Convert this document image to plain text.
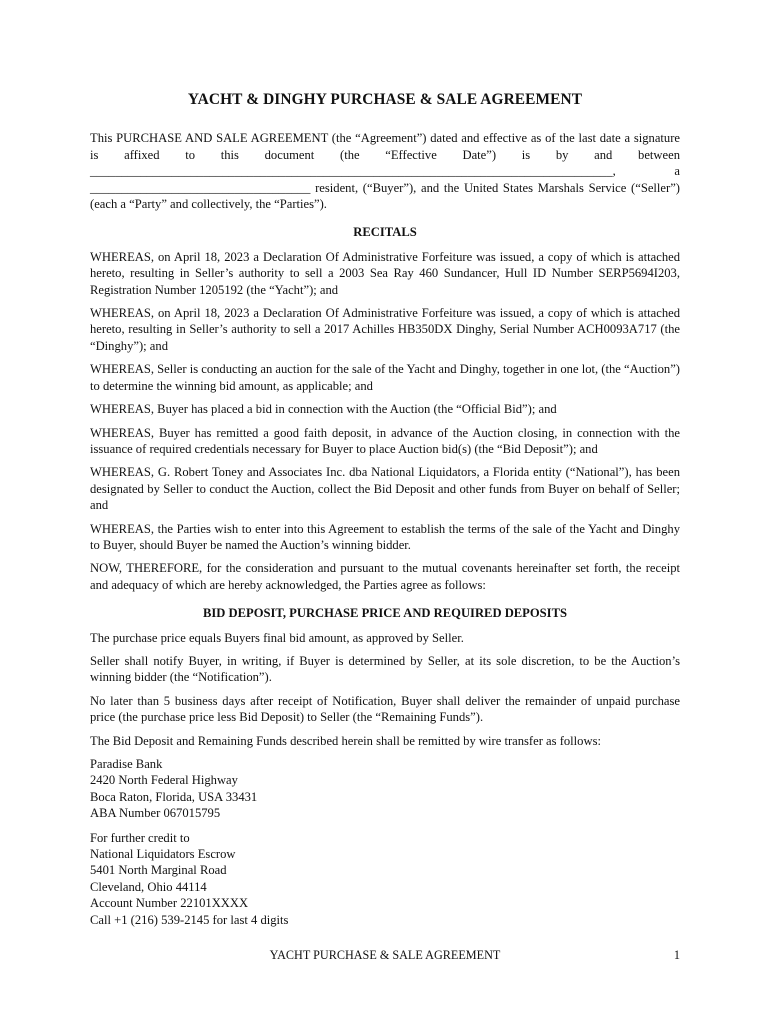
YACHT & DINGHY PURCHASE & SALE AGREEMENT

This PURCHASE AND SALE AGREEMENT (the “Agreement”) dated and effective as of the last date a signature is affixed to this document (the “Effective Date”) is by and between ___________________________________________________________________________________, a ___________________________________ resident, (“Buyer”), and the United States Marshals Service (“Seller”) (each a “Party” and collectively, the “Parties”).

RECITALS

WHEREAS, on April 18, 2023 a Declaration Of Administrative Forfeiture was issued, a copy of which is attached hereto, resulting in Seller’s authority to sell a 2003 Sea Ray 460 Sundancer, Hull ID Number SERP5694I203, Registration Number 1205192 (the “Yacht”); and

WHEREAS, on April 18, 2023 a Declaration Of Administrative Forfeiture was issued, a copy of which is attached hereto, resulting in Seller’s authority to sell a 2017 Achilles HB350DX Dinghy, Serial Number ACH0093A717 (the “Dinghy”); and

WHEREAS, Seller is conducting an auction for the sale of the Yacht and Dinghy, together in one lot, (the “Auction”) to determine the winning bid amount, as applicable; and

WHEREAS, Buyer has placed a bid in connection with the Auction (the “Official Bid”); and

WHEREAS, Buyer has remitted a good faith deposit, in advance of the Auction closing, in connection with the issuance of required credentials necessary for Buyer to place Auction bid(s) (the “Bid Deposit”); and

WHEREAS, G. Robert Toney and Associates Inc. dba National Liquidators, a Florida entity (“National”), has been designated by Seller to conduct the Auction, collect the Bid Deposit and other funds from Buyer on behalf of Seller; and

WHEREAS, the Parties wish to enter into this Agreement to establish the terms of the sale of the Yacht and Dinghy to Buyer, should Buyer be named the Auction’s winning bidder.

NOW, THEREFORE, for the consideration and pursuant to the mutual covenants hereinafter set forth, the receipt and adequacy of which are hereby acknowledged, the Parties agree as follows:

BID DEPOSIT, PURCHASE PRICE AND REQUIRED DEPOSITS

The purchase price equals Buyers final bid amount, as approved by Seller.

Seller shall notify Buyer, in writing, if Buyer is determined by Seller, at its sole discretion, to be the Auction’s winning bidder (the “Notification”).

No later than 5 business days after receipt of Notification, Buyer shall deliver the remainder of unpaid purchase price (the purchase price less Bid Deposit) to Seller (the “Remaining Funds”).

The Bid Deposit and Remaining Funds described herein shall be remitted by wire transfer as follows:

Paradise Bank
2420 North Federal Highway
Boca Raton, Florida, USA 33431
ABA Number 067015795
For further credit to
National Liquidators Escrow
5401 North Marginal Road
Cleveland, Ohio 44114
Account Number 22101XXXX
Call +1 (216) 539-2145 for last 4 digits
YACHT PURCHASE & SALE AGREEMENT	1
